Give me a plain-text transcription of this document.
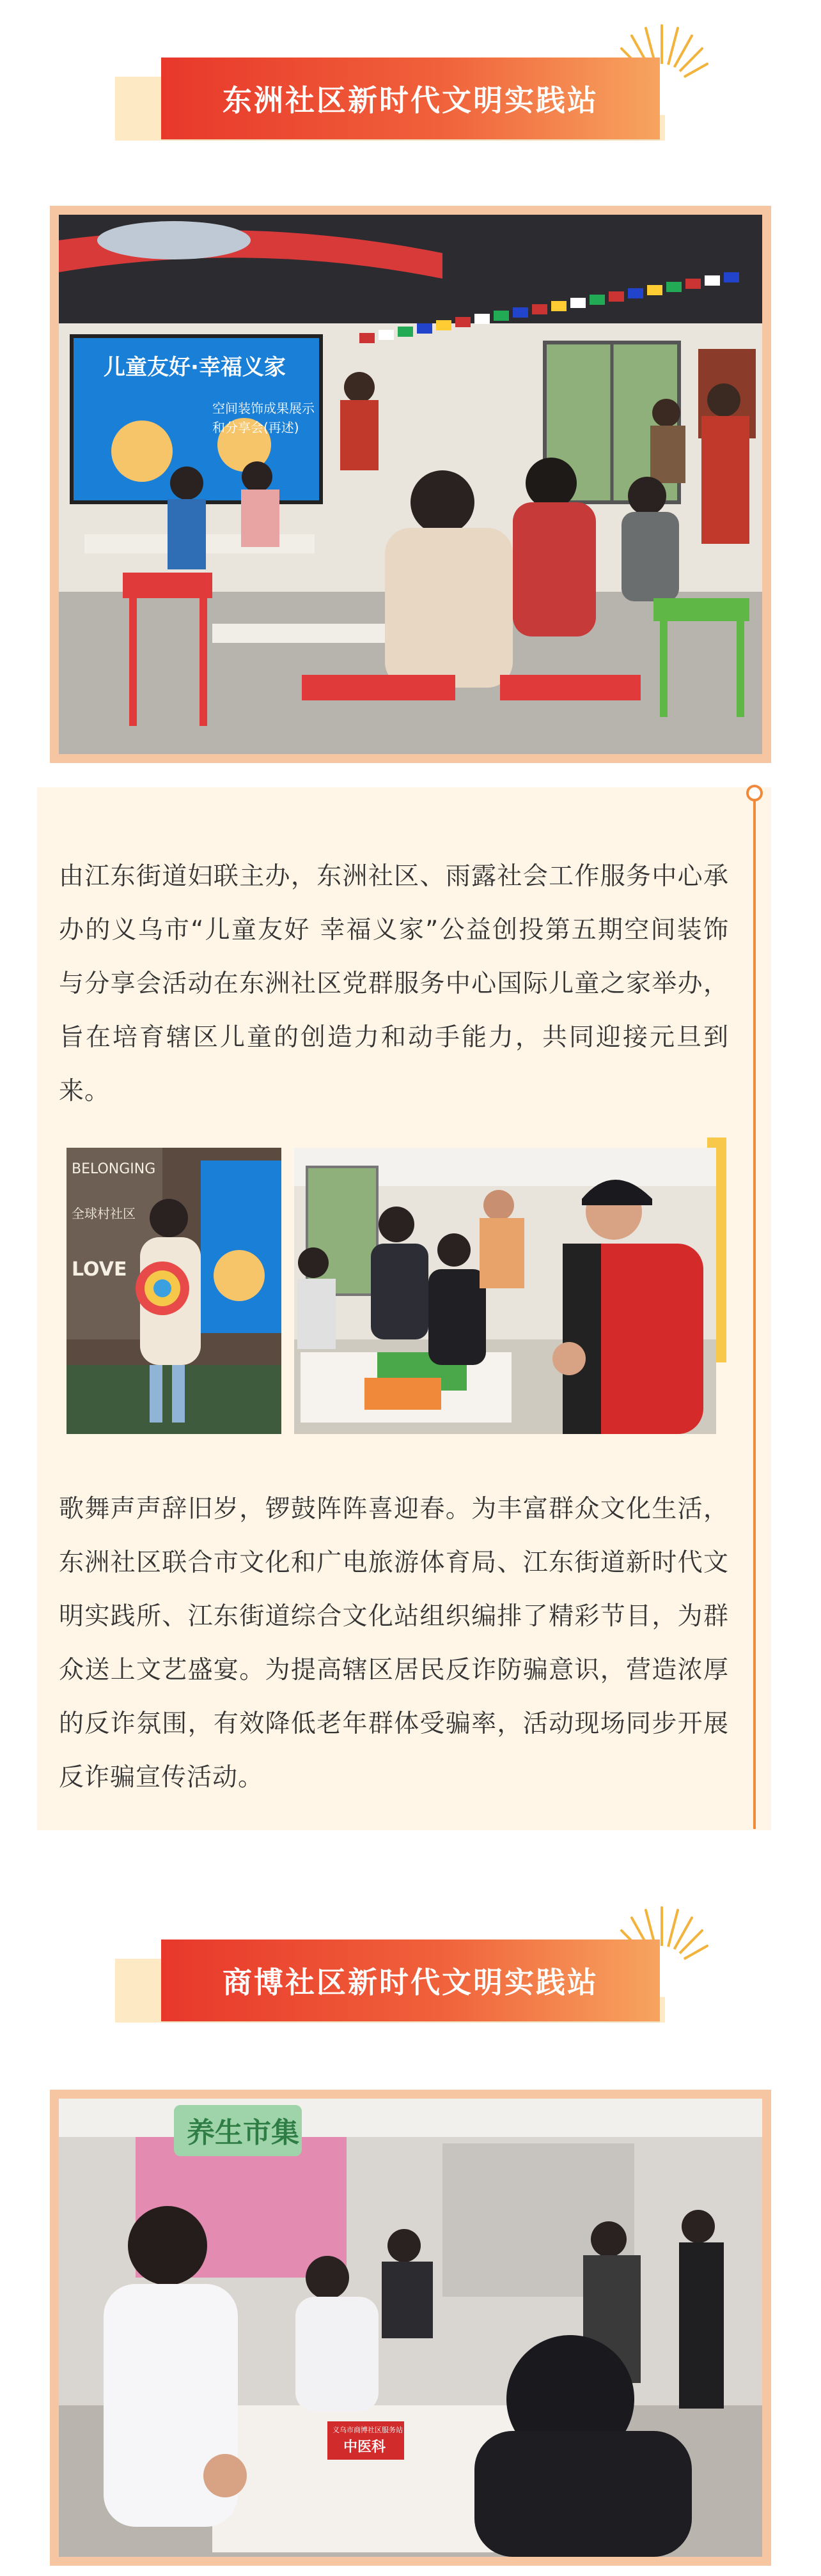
东洲社区新时代文明实践站
儿童友好·幸福义家
空间装饰成果展示
和分享会(再述)
由江东街道妇联主办，东洲社区、雨露社会工作服务中心承办的义乌市“儿童友好 幸福义家”公益创投第五期空间装饰与分享会活动在东洲社区党群服务中心国际儿童之家举办，旨在培育辖区儿童的创造力和动手能力，共同迎接元旦到来。
BELONGING
LOVE
全球村社区
歌舞声声辞旧岁，锣鼓阵阵喜迎春。为丰富群众文化生活，东洲社区联合市文化和广电旅游体育局、江东街道新时代文明实践所、江东街道综合文化站组织编排了精彩节目，为群众送上文艺盛宴。为提高辖区居民反诈防骗意识，营造浓厚的反诈氛围，有效降低老年群体受骗率，活动现场同步开展反诈骗宣传活动。
商博社区新时代文明实践站
养生市集
义乌市商博社区服务站
中医科
